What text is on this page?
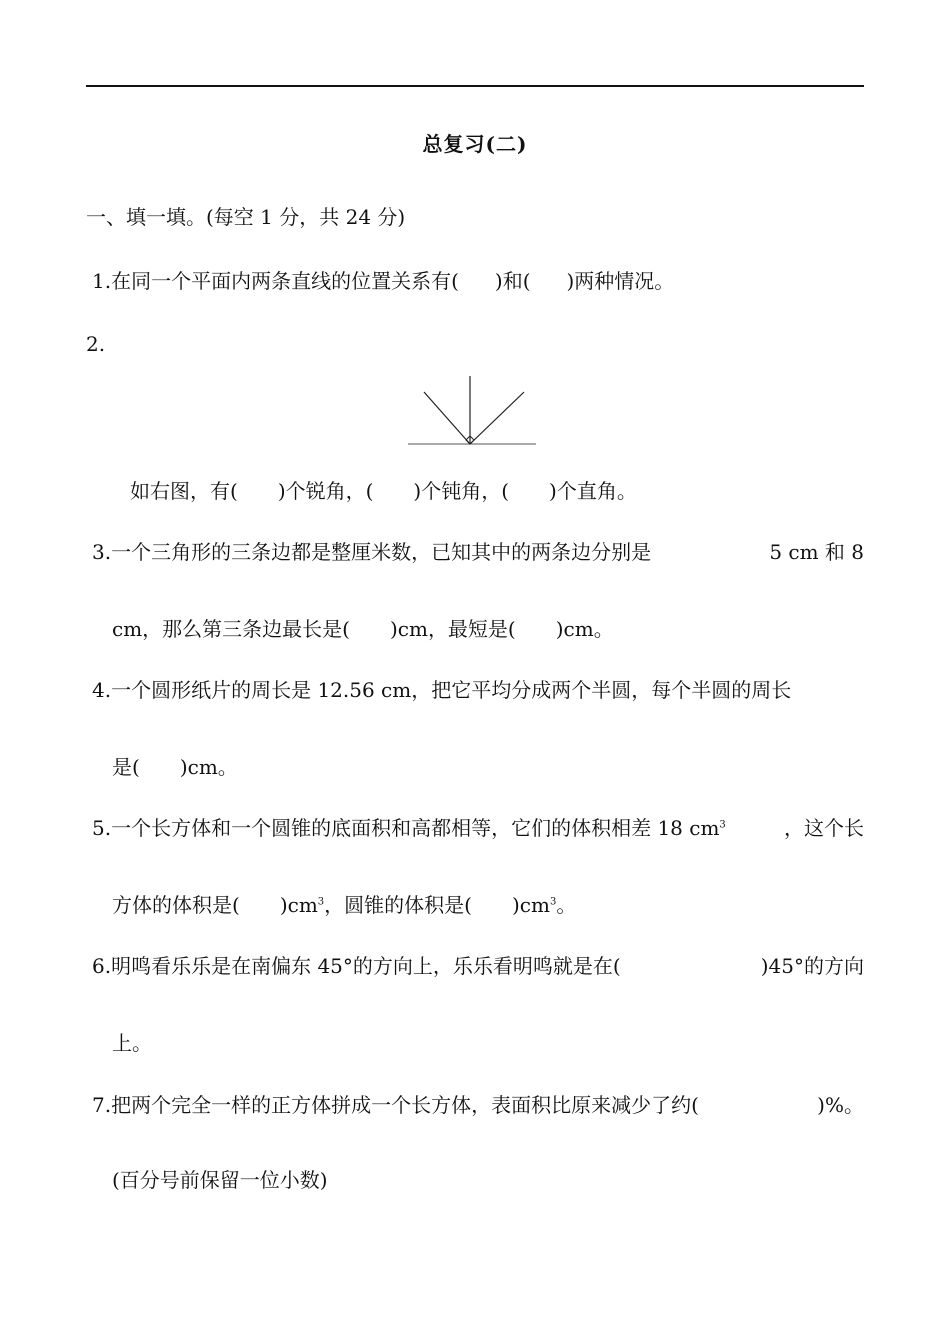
总复习(二)
一、填一填。(每空 1 分，共 24 分)
1.在同一个平面内两条直线的位置关系有( )和( )两种情况。
2.
如右图，有( )个锐角，( )个钝角，( )个直角。
3.一个三角形的三条边都是整厘米数，已知其中的两条边分别是	5 cm 和 8
cm，那么第三条边最长是( )cm，最短是( )cm。
4.一个圆形纸片的周长是 12.56 cm，把它平均分成两个半圆，每个半圆的周长
是( )cm。
5.一个长方体和一个圆锥的底面积和高都相等，它们的体积相差 18 $cm^3$	，这个长
方体的体积是( )$cm^3$，圆锥的体积是( )$cm^3$。
6.明鸣看乐乐是在南偏东 45°的方向上，乐乐看明鸣就是在(	)45°的方向
上。
7.把两个完全一样的正方体拼成一个长方体，表面积比原来减少了约(	)%。
(百分号前保留一位小数)
